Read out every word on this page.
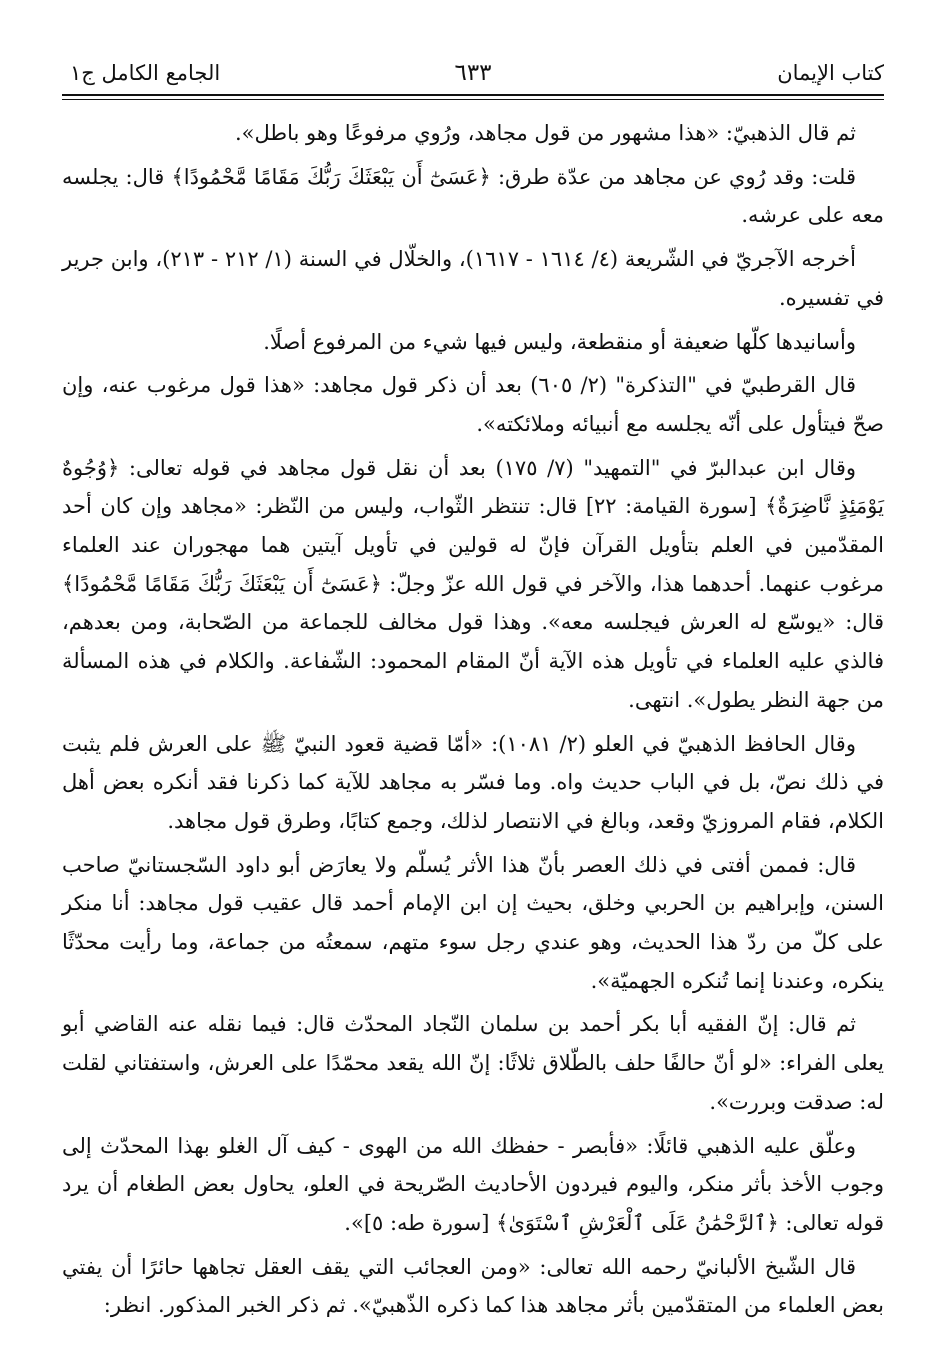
كتاب الإيمان
٦٣٣
الجامع الكامل ج١

ثم قال الذهبيّ: «هذا مشهور من قول مجاهد، ورُوي مرفوعًا وهو باطل».

قلت: وقد رُوي عن مجاهد من عدّة طرق: ﴿عَسَىٰٓ أَن يَبْعَثَكَ رَبُّكَ مَقَامًا مَّحْمُودًا﴾ قال: يجلسه معه على عرشه.

أخرجه الآجريّ في الشّريعة (٤/ ١٦١٤ - ١٦١٧)، والخلّال في السنة (١/ ٢١٢ - ٢١٣)، وابن جرير في تفسيره.

وأسانيدها كلّها ضعيفة أو منقطعة، وليس فيها شيء من المرفوع أصلًا.

قال القرطبيّ في "التذكرة" (٢/ ٦٠٥) بعد أن ذكر قول مجاهد: «هذا قول مرغوب عنه، وإن صحّ فيتأول على أنّه يجلسه مع أنبيائه وملائكته».

وقال ابن عبدالبرّ في "التمهيد" (٧/ ١٧٥) بعد أن نقل قول مجاهد في قوله تعالى: ﴿وُجُوهٌ يَوْمَئِذٍ نَّاضِرَةٌ﴾ [سورة القيامة: ٢٢] قال: تنتظر الثّواب، وليس من النّظر: «مجاهد وإن كان أحد المقدّمين في العلم بتأويل القرآن فإنّ له قولين في تأويل آيتين هما مهجوران عند العلماء مرغوب عنهما. أحدهما هذا، والآخر في قول الله عزّ وجلّ: ﴿عَسَىٰٓ أَن يَبْعَثَكَ رَبُّكَ مَقَامًا مَّحْمُودًا﴾ قال: «يوسّع له العرش فيجلسه معه». وهذا قول مخالف للجماعة من الصّحابة، ومن بعدهم، فالذي عليه العلماء في تأويل هذه الآية أنّ المقام المحمود: الشّفاعة. والكلام في هذه المسألة من جهة النظر يطول». انتهى.

وقال الحافظ الذهبيّ في العلو (٢/ ١٠٨١): «أمّا قضية قعود النبيّ ﷺ على العرش فلم يثبت في ذلك نصّ، بل في الباب حديث واه. وما فسّر به مجاهد للآية كما ذكرنا فقد أنكره بعض أهل الكلام، فقام المروزيّ وقعد، وبالغ في الانتصار لذلك، وجمع كتابًا، وطرق قول مجاهد.

قال: فممن أفتى في ذلك العصر بأنّ هذا الأثر يُسلّم ولا يعارَض أبو داود السّجستانيّ صاحب السنن، وإبراهيم بن الحربي وخلق، بحيث إن ابن الإمام أحمد قال عقيب قول مجاهد: أنا منكر على كلّ من ردّ هذا الحديث، وهو عندي رجل سوء متهم، سمعتُه من جماعة، وما رأيت محدّثًا ينكره، وعندنا إنما تُنكره الجهميّة».

ثم قال: إنّ الفقيه أبا بكر أحمد بن سلمان النّجاد المحدّث قال: فيما نقله عنه القاضي أبو يعلى الفراء: «لو أنّ حالفًا حلف بالطّلاق ثلاثًا: إنّ الله يقعد محمّدًا على العرش، واستفتاني لقلت له: صدقت وبررت».

وعلّق عليه الذهبي قائلًا: «فأبصر - حفظك الله من الهوى - كيف آل الغلو بهذا المحدّث إلى وجوب الأخذ بأثر منكر، واليوم فيردون الأحاديث الصّريحة في العلو، يحاول بعض الطغام أن يرد قوله تعالى: ﴿ٱلرَّحْمَٰنُ عَلَى ٱلْعَرْشِ ٱسْتَوَىٰ﴾ [سورة طه: ٥]».

قال الشّيخ الألبانيّ رحمه الله تعالى: «ومن العجائب التي يقف العقل تجاهها حائرًا أن يفتي بعض العلماء من المتقدّمين بأثر مجاهد هذا كما ذكره الذّهبيّ». ثم ذكر الخبر المذكور. انظر:
